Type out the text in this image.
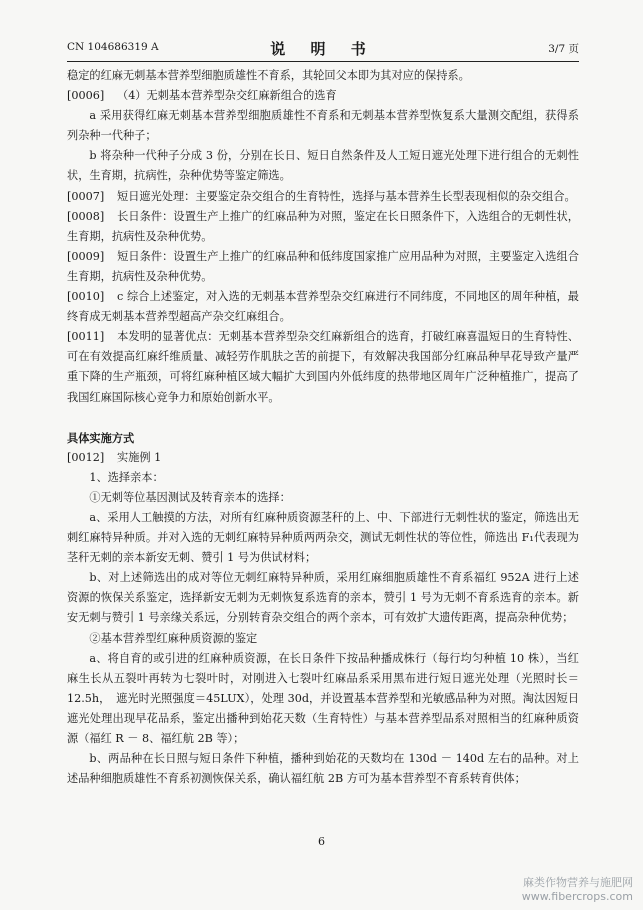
CN 104686319 A	说 明 书	3/7 页

稳定的红麻无刺基本营养型细胞质雄性不育系，其轮回父本即为其对应的保持系。

[0006] （4）无刺基本营养型杂交红麻新组合的选育

a 采用获得红麻无刺基本营养型细胞质雄性不育系和无刺基本营养型恢复系大量测交配组，获得系列杂种一代种子；

b 将杂种一代种子分成 3 份，分别在长日、短日自然条件及人工短日遮光处理下进行组合的无刺性状，生育期，抗病性，杂种优势等鉴定筛选。

[0007] 短日遮光处理：主要鉴定杂交组合的生育特性，选择与基本营养生长型表现相似的杂交组合。

[0008] 长日条件：设置生产上推广的红麻品种为对照，鉴定在长日照条件下，入选组合的无刺性状，生育期，抗病性及杂种优势。

[0009] 短日条件：设置生产上推广的红麻品种和低纬度国家推广应用品种为对照，主要鉴定入选组合生育期，抗病性及杂种优势。

[0010] c 综合上述鉴定，对入选的无刺基本营养型杂交红麻进行不同纬度，不同地区的周年种植，最终育成无刺基本营养型超高产杂交红麻组合。

[0011] 本发明的显著优点：无刺基本营养型杂交红麻新组合的选育，打破红麻喜温短日的生育特性、可在有效提高红麻纤维质量、减轻劳作肌肤之苦的前提下，有效解决我国部分红麻品种早花导致产量严重下降的生产瓶颈，可将红麻种植区域大幅扩大到国内外低纬度的热带地区周年广泛种植推广，提高了我国红麻国际核心竞争力和原始创新水平。

具体实施方式

[0012] 实施例 1

1、选择亲本：

①无刺等位基因测试及转育亲本的选择：

a、采用人工触摸的方法，对所有红麻种质资源茎秆的上、中、下部进行无刺性状的鉴定，筛选出无刺红麻特异种质。并对入选的无刺红麻特异种质两两杂交，测试无刺性状的等位性，筛选出 F₁代表现为茎秆无刺的亲本新安无刺、赞引 1 号为供试材料；

b、对上述筛选出的成对等位无刺红麻特异种质，采用红麻细胞质雄性不育系福红 952A 进行上述资源的恢保关系鉴定，选择新安无刺为无刺恢复系选育的亲本，赞引 1 号为无刺不育系选育的亲本。新安无刺与赞引 1 号亲缘关系远，分别转育杂交组合的两个亲本，可有效扩大遗传距离，提高杂种优势；

②基本营养型红麻种质资源的鉴定

a、将自育的或引进的红麻种质资源，在长日条件下按品种播成株行（每行均匀种植 10 株），当红麻生长从五裂叶再转为七裂叶时，对刚进入七裂叶红麻品系采用黑布进行短日遮光处理（光照时长＝ 12.5h，　遮光时光照强度＝45LUX），处理 30d，并设置基本营养型和光敏感品种为对照。淘汰因短日遮光处理出现早花品系，鉴定出播种到始花天数（生育特性）与基本营养型品系对照相当的红麻种质资源（福红 R － 8、福红航 2B 等）；

b、两品种在长日照与短日条件下种植，播种到始花的天数均在 130d － 140d 左右的品种。对上述品种细胞质雄性不育系初测恢保关系，确认福红航 2B 方可为基本营养型不育系转育供体；

6
麻类作物营养与施肥网
www.fibercrops.com
